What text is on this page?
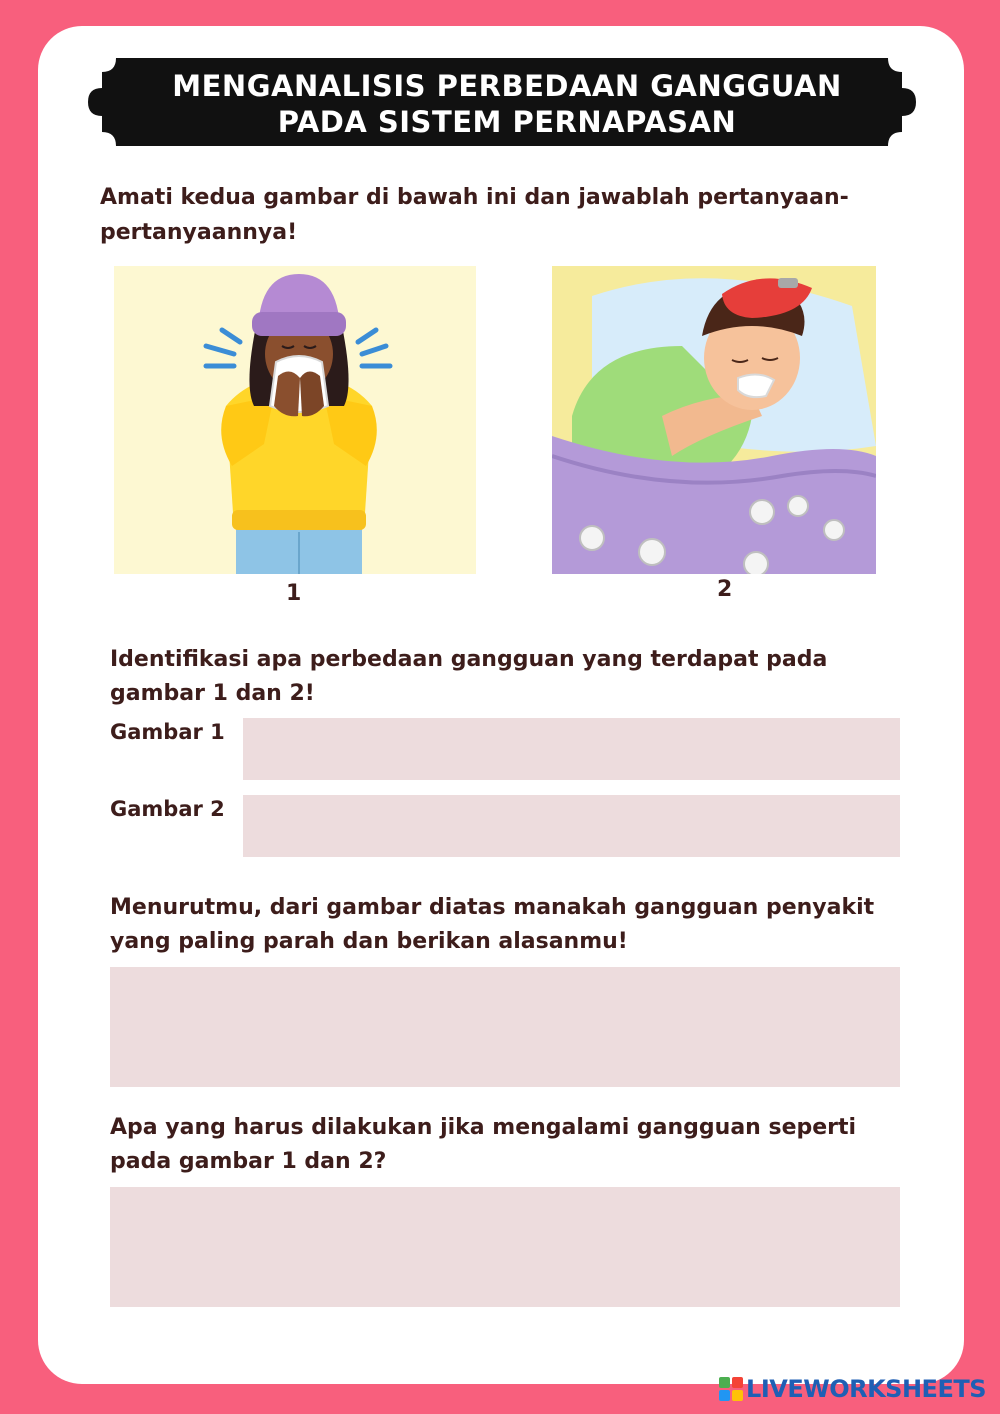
MENGANALISIS PERBEDAAN GANGGUAN PADA SISTEM PERNAPASAN
Amati kedua gambar di bawah ini dan jawablah pertanyaan-pertanyaannya!
1	2
Identifikasi apa perbedaan gangguan yang terdapat pada gambar 1 dan 2!
Gambar 1
Gambar 2
Menurutmu, dari gambar diatas manakah gangguan penyakit yang paling parah dan berikan alasanmu!
Apa yang harus dilakukan jika mengalami gangguan seperti pada gambar 1 dan 2?
LIVEWORKSHEETS
